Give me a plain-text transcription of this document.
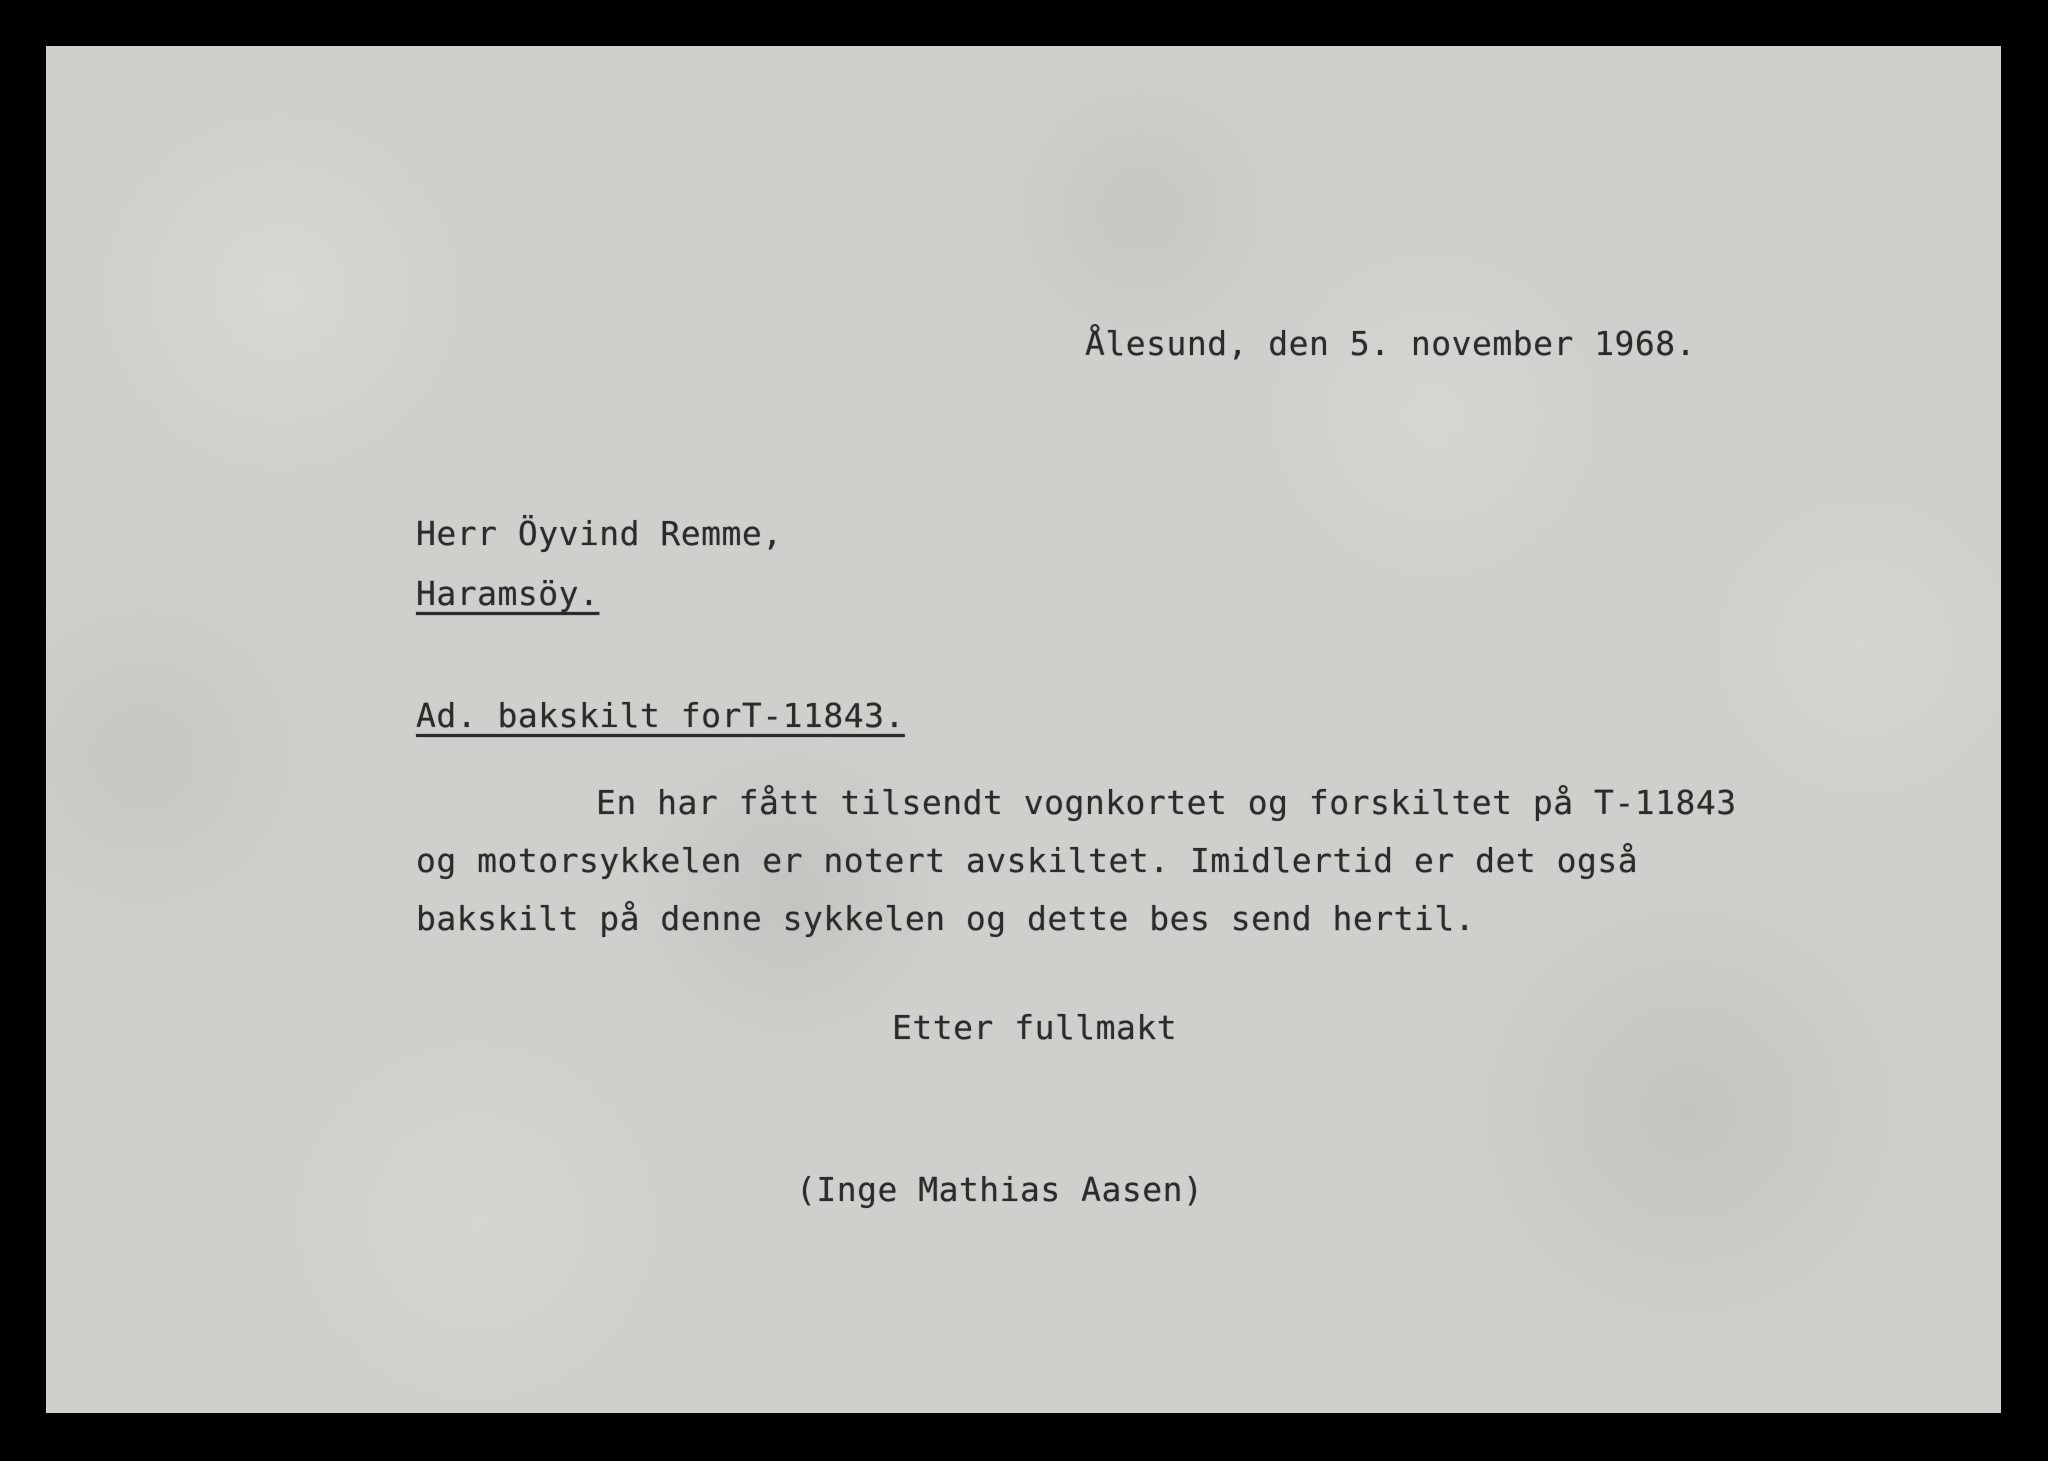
Ålesund, den 5. november 1968.

Herr Öyvind Remme,

Haramsöy.

Ad. bakskilt forT-11843.

En har fått tilsendt vognkortet og forskiltet på T-11843

og motorsykkelen er notert avskiltet. Imidlertid er det også

bakskilt på denne sykkelen og dette bes send hertil.

Etter fullmakt

(Inge Mathias Aasen)
